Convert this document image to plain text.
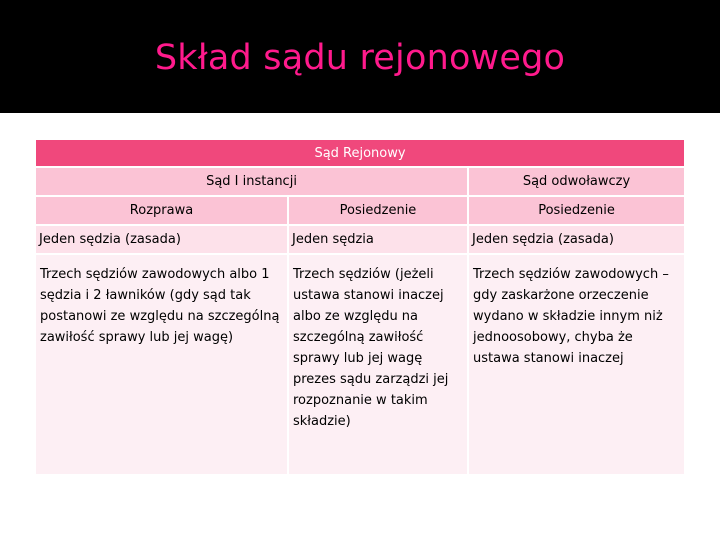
Skład sądu rejonowego
Sąd Rejonowy		
Sąd I instancji		Sąd odwoławczy
Rozprawa	Posiedzenie	Posiedzenie
Jeden sędzia (zasada)	Jeden sędzia	Jeden sędzia (zasada)

Trzech sędziów zawodowych albo 1 sędzia i 2 ławników (gdy sąd tak postanowi ze względu na szczególną zawiłość sprawy lub jej wagę)	Trzech sędziów (jeżeli ustawa stanowi inaczej albo ze względu na szczególną zawiłość sprawy lub jej wagę prezes sądu zarządzi jej rozpoznanie w takim składzie)	Trzech sędziów zawodowych – gdy zaskarżone orzeczenie wydano w składzie innym niż jednoosobowy, chyba że ustawa stanowi inaczej
